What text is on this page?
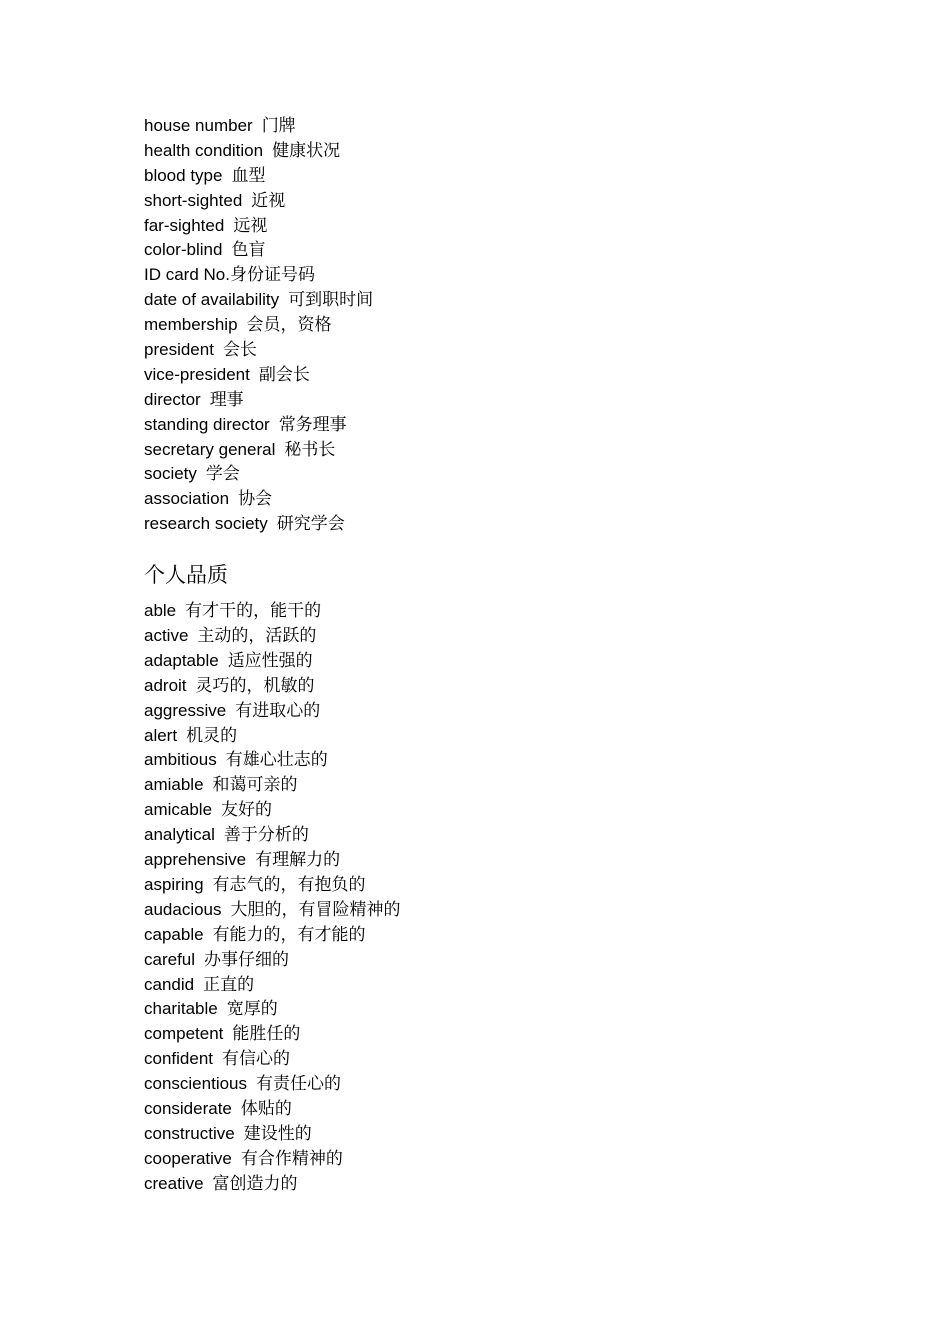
house number 门牌
health condition 健康状况
blood type 血型
short-sighted 近视
far-sighted 远视
color-blind 色盲
ID card No.身份证号码
date of availability 可到职时间
membership 会员，资格
president 会长
vice-president 副会长
director 理事
standing director 常务理事
secretary general 秘书长
society 学会
association 协会
research society 研究学会
个人品质
able 有才干的，能干的
active 主动的，活跃的
adaptable 适应性强的
adroit 灵巧的，机敏的
aggressive 有进取心的
alert 机灵的
ambitious 有雄心壮志的
amiable 和蔼可亲的
amicable 友好的
analytical 善于分析的
apprehensive 有理解力的
aspiring 有志气的，有抱负的
audacious 大胆的，有冒险精神的
capable 有能力的，有才能的
careful 办事仔细的
candid 正直的
charitable 宽厚的
competent 能胜任的
confident 有信心的
conscientious 有责任心的
considerate 体贴的
constructive 建设性的
cooperative 有合作精神的
creative 富创造力的
